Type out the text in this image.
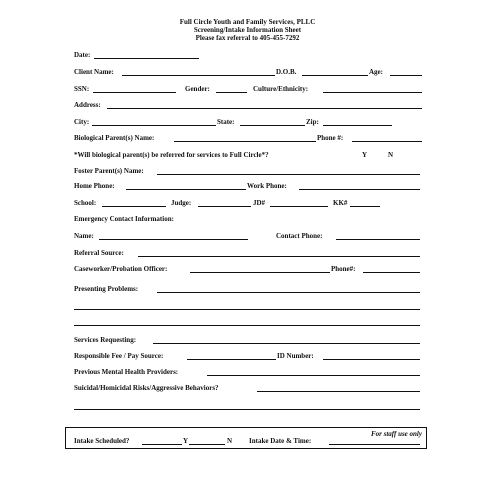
Full Circle Youth and Family Services, PLLC
Screening/Intake Information Sheet
Please fax referral to 405-455-7292
Date:
Client Name:	D.O.B.	Age:
SSN:	Gender:	Culture/Ethnicity:
Address:
City:	State:	Zip:
Biological Parent(s) Name:	Phone #:
*Will biological parent(s) be referred for services to Full Circle*?	Y	N
Foster Parent(s) Name:
Home Phone:	Work Phone:
School:	Judge:	JD#	KK#
Emergency Contact Information:
Name:	Contact Phone:
Referral Source:
Caseworker/Probation Officer:	Phone#:
Presenting Problems:
Services Requesting:
Responsible Fee / Pay Source:	ID Number:
Previous Mental Health Providers:
Suicidal/Homicidal Risks/Aggressive Behaviors?
For staff use only
Intake Scheduled?	Y	N Intake Date & Time:
